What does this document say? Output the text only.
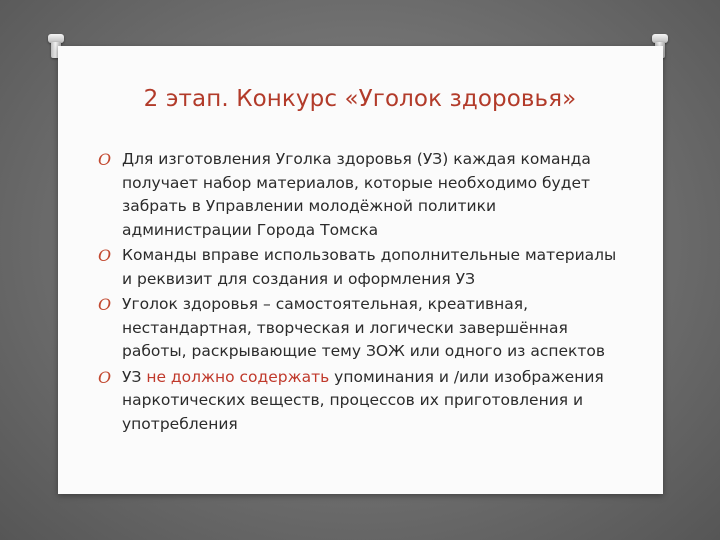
2 этап. Конкурс «Уголок здоровья»
O Для изготовления Уголка здоровья (УЗ) каждая команда получает набор материалов, которые необходимо будет забрать в Управлении молодёжной политики администрации Города Томска
O Команды вправе использовать дополнительные материалы и реквизит для создания и оформления УЗ
O Уголок здоровья – самостоятельная, креативная, нестандартная, творческая и логически завершённая работы, раскрывающие тему ЗОЖ или одного из аспектов
O УЗ не должно содержать упоминания и /или изображения наркотических веществ, процессов их приготовления и употребления
